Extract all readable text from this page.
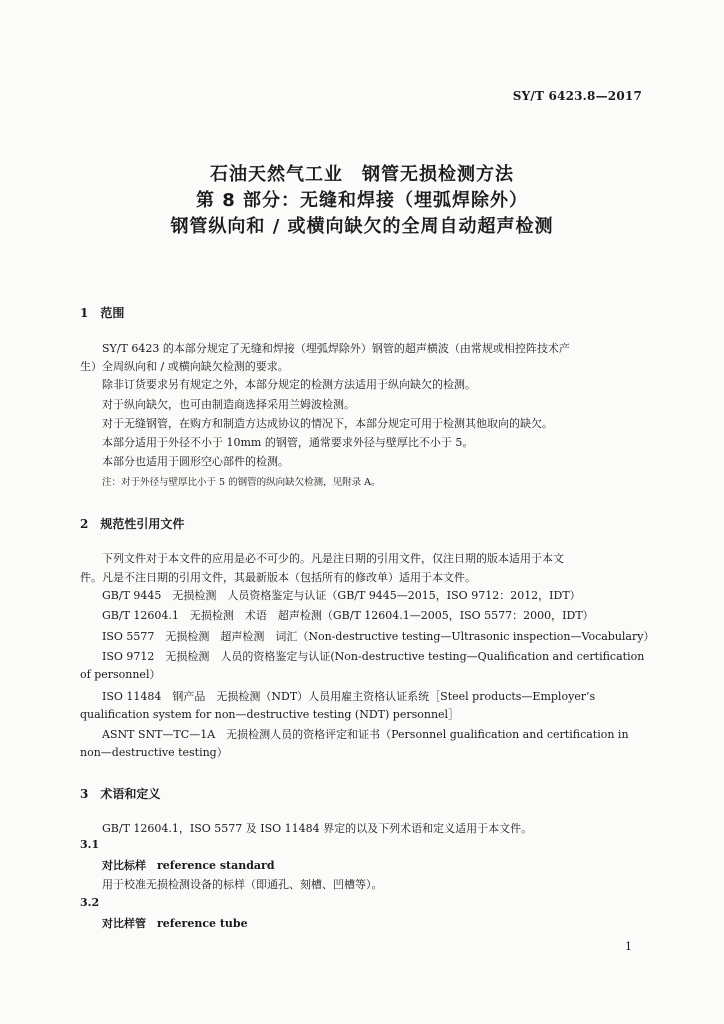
SY/T 6423.8—2017
石油天然气工业　钢管无损检测方法
第 8 部分：无缝和焊接（埋弧焊除外）
钢管纵向和 / 或横向缺欠的全周自动超声检测
1　范围
SY/T 6423 的本部分规定了无缝和焊接（埋弧焊除外）钢管的超声横波（由常规或相控阵技术产
生）全周纵向和 / 或横向缺欠检测的要求。
除非订货要求另有规定之外，本部分规定的检测方法适用于纵向缺欠的检测。
对于纵向缺欠，也可由制造商选择采用兰姆波检测。
对于无缝钢管，在购方和制造方达成协议的情况下，本部分规定可用于检测其他取向的缺欠。
本部分适用于外径不小于 10mm 的钢管，通常要求外径与壁厚比不小于 5。
本部分也适用于圆形空心部件的检测。
注：对于外径与壁厚比小于 5 的钢管的纵向缺欠检测，见附录 A。
2　规范性引用文件
下列文件对于本文件的应用是必不可少的。凡是注日期的引用文件，仅注日期的版本适用于本文
件。凡是不注日期的引用文件，其最新版本（包括所有的修改单）适用于本文件。
GB/T 9445　无损检测　人员资格鉴定与认证（GB/T 9445—2015，ISO 9712：2012，IDT）
GB/T 12604.1　无损检测　术语　超声检测（GB/T 12604.1—2005，ISO 5577：2000，IDT）
ISO 5577　无损检测　超声检测　词汇（Non-destructive testing—Ultrasonic inspection—Vocabulary）
ISO 9712　无损检测　人员的资格鉴定与认证(Non-destructive testing—Qualification and certification
of personnel）
ISO 11484　钢产品　无损检测（NDT）人员用雇主资格认证系统［Steel products—Employer’s
qualification system for non—destructive testing (NDT) personnel］
ASNT SNT—TC—1A　无损检测人员的资格评定和证书（Personnel gualification and certification in
non—destructive testing）
3　术语和定义
GB/T 12604.1，ISO 5577 及 ISO 11484 界定的以及下列术语和定义适用于本文件。
3.1
对比标样　reference standard
用于校准无损检测设备的标样（即通孔、刻槽、凹槽等）。
3.2
对比样管　reference tube
1
